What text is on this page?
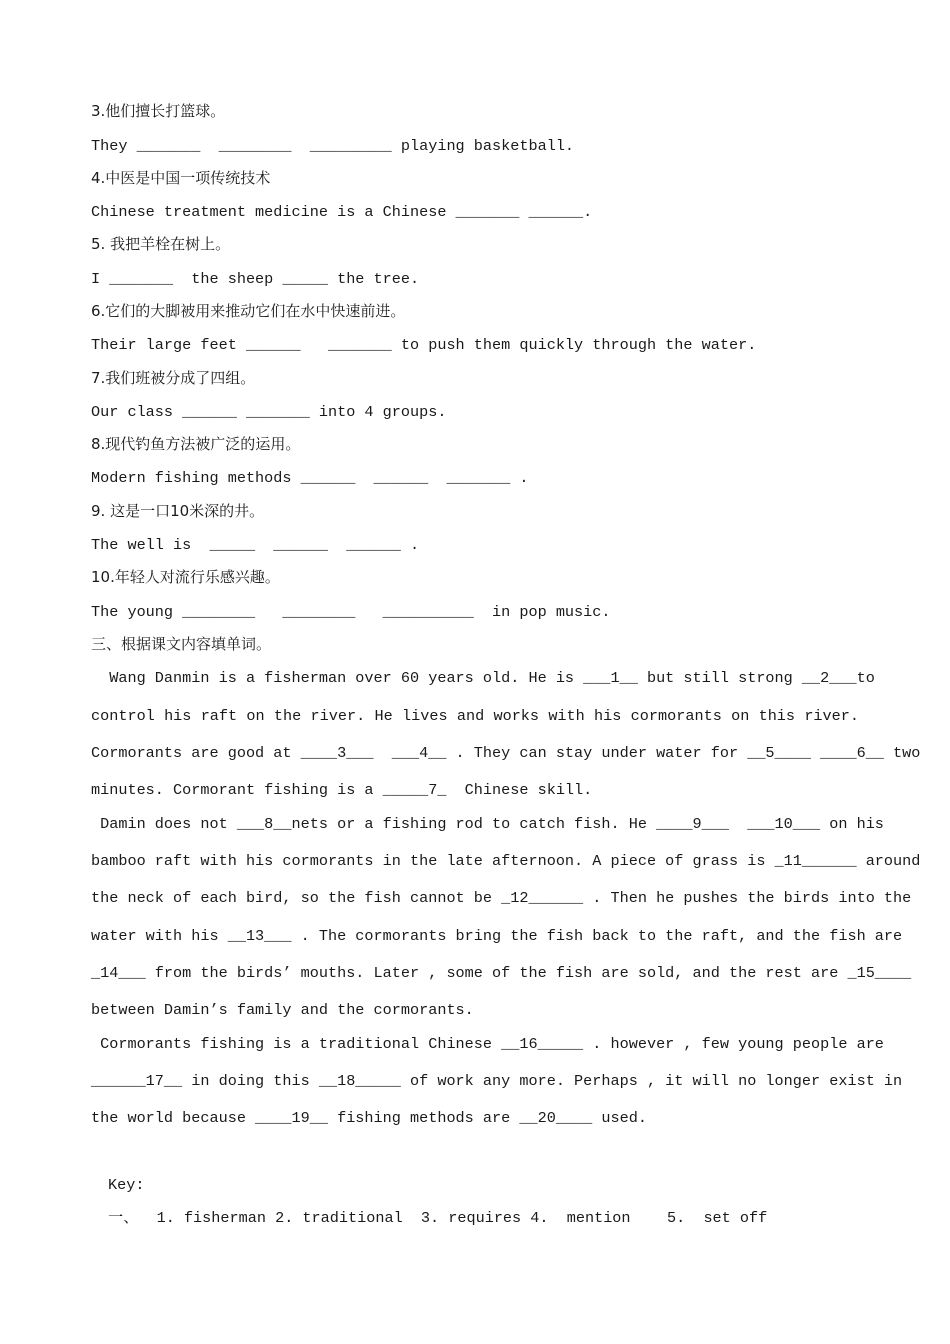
3.他们擅长打篮球。
They _______  ________  _________ playing basketball.
4.中医是中国一项传统技术
Chinese treatment medicine is a Chinese _______ ______.
5. 我把羊栓在树上。
I _______  the sheep _____ the tree.
6.它们的大脚被用来推动它们在水中快速前进。
Their large feet ______   _______ to push them quickly through the water.
7.我们班被分成了四组。
Our class ______ _______ into 4 groups.
8.现代钓鱼方法被广泛的运用。
Modern fishing methods ______  ______  _______ .
9. 这是一口10米深的井。
The well is  _____  ______  ______ .
10.年轻人对流行乐感兴趣。
The young ________   ________   __________  in pop music.
三、根据课文内容填单词。
Wang Danmin is a fisherman over 60 years old. He is ___1__ but still strong __2___to
control his raft on the river. He lives and works with his cormorants on this river.
Cormorants are good at ____3___  ___4__ . They can stay under water for __5____ ____6__ two
minutes. Cormorant fishing is a _____7_  Chinese skill.
Damin does not ___8__nets or a fishing rod to catch fish. He ____9___  ___10___ on his
bamboo raft with his cormorants in the late afternoon. A piece of grass is _11______ around
the neck of each bird, so the fish cannot be _12______ . Then he pushes the birds into the
water with his __13___ . The cormorants bring the fish back to the raft, and the fish are
_14___ from the birds’ mouths. Later , some of the fish are sold, and the rest are _15____
between Damin’s family and the cormorants.
Cormorants fishing is a traditional Chinese __16_____ . however , few young people are
______17__ in doing this __18_____ of work any more. Perhaps , it will no longer exist in
the world because ____19__ fishing methods are __20____ used.
Key:
一、  1. fisherman 2. traditional  3. requires 4.  mention    5.  set off
